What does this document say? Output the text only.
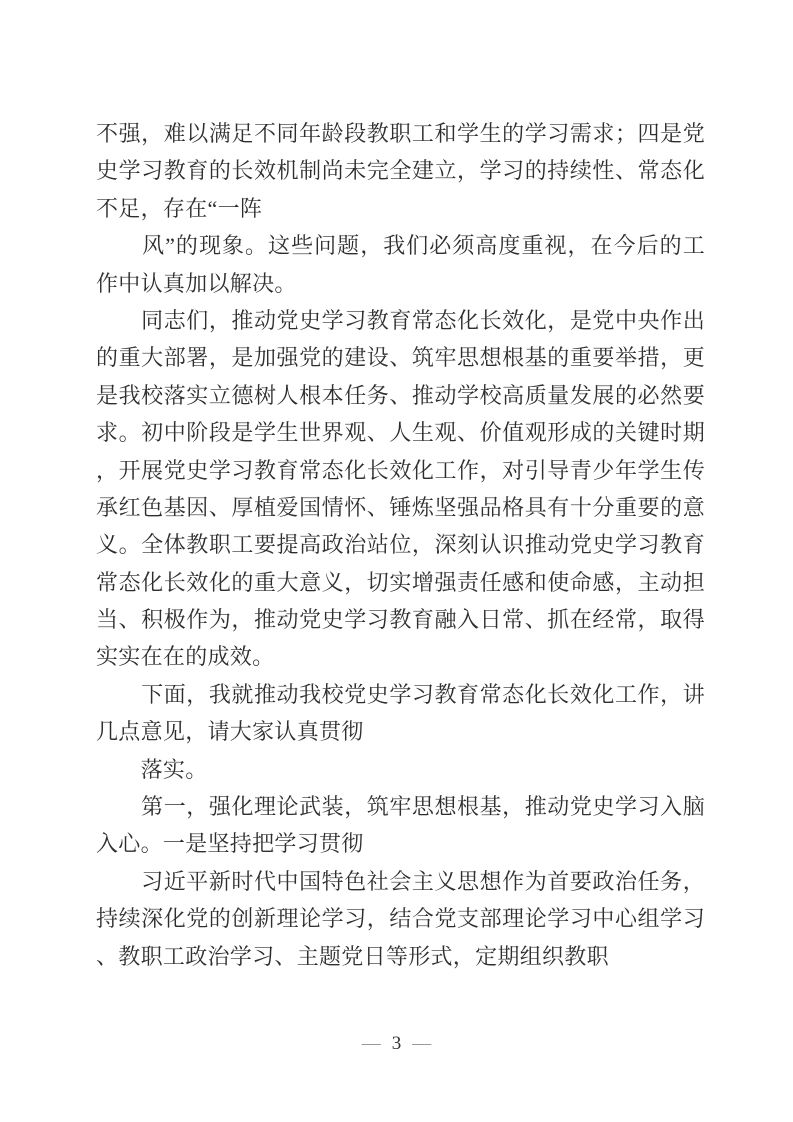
不强，难以满足不同年龄段教职工和学生的学习需求；四是党
史学习教育的长效机制尚未完全建立，学习的持续性、常态化
不足，存在“一阵
　　风”的现象。这些问题，我们必须高度重视，在今后的工
作中认真加以解决。
　　同志们，推动党史学习教育常态化长效化，是党中央作出
的重大部署，是加强党的建设、筑牢思想根基的重要举措，更
是我校落实立德树人根本任务、推动学校高质量发展的必然要
求。初中阶段是学生世界观、人生观、价值观形成的关键时期
，开展党史学习教育常态化长效化工作，对引导青少年学生传
承红色基因、厚植爱国情怀、锤炼坚强品格具有十分重要的意
义。全体教职工要提高政治站位，深刻认识推动党史学习教育
常态化长效化的重大意义，切实增强责任感和使命感，主动担
当、积极作为，推动党史学习教育融入日常、抓在经常，取得
实实在在的成效。
　　下面，我就推动我校党史学习教育常态化长效化工作，讲
几点意见，请大家认真贯彻
　　落实。
　　第一，强化理论武装，筑牢思想根基，推动党史学习入脑
入心。一是坚持把学习贯彻
　　习近平新时代中国特色社会主义思想作为首要政治任务，
持续深化党的创新理论学习，结合党支部理论学习中心组学习
、教职工政治学习、主题党日等形式，定期组织教职
— 3 —
